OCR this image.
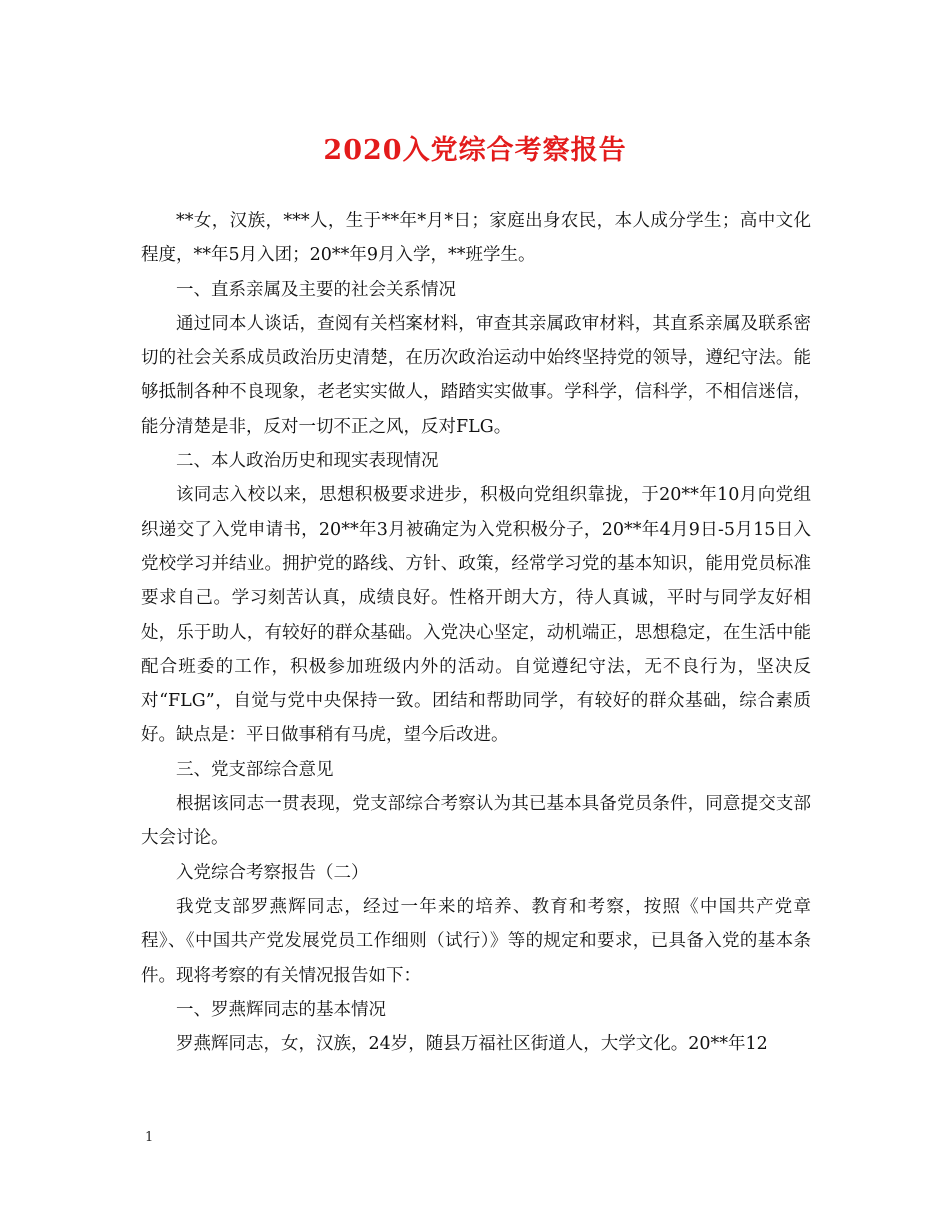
2020入党综合考察报告

**女，汉族，***人，生于**年*月*日；家庭出身农民，本人成分学生；高中文化程度，**年5月入团；20**年9月入学，**班学生。

一、直系亲属及主要的社会关系情况

通过同本人谈话，查阅有关档案材料，审查其亲属政审材料，其直系亲属及联系密切的社会关系成员政治历史清楚，在历次政治运动中始终坚持党的领导，遵纪守法。能够抵制各种不良现象，老老实实做人，踏踏实实做事。学科学，信科学，不相信迷信，能分清楚是非，反对一切不正之风，反对FLG。

二、本人政治历史和现实表现情况

该同志入校以来，思想积极要求进步，积极向党组织靠拢，于20**年10月向党组织递交了入党申请书，20**年3月被确定为入党积极分子，20**年4月9日-5月15日入党校学习并结业。拥护党的路线、方针、政策，经常学习党的基本知识，能用党员标准要求自己。学习刻苦认真，成绩良好。性格开朗大方，待人真诚，平时与同学友好相处，乐于助人，有较好的群众基础。入党决心坚定，动机端正，思想稳定，在生活中能配合班委的工作，积极参加班级内外的活动。自觉遵纪守法，无不良行为，坚决反对“FLG”，自觉与党中央保持一致。团结和帮助同学，有较好的群众基础，综合素质好。缺点是：平日做事稍有马虎，望今后改进。

三、党支部综合意见

根据该同志一贯表现，党支部综合考察认为其已基本具备党员条件，同意提交支部大会讨论。

入党综合考察报告（二）

我党支部罗燕辉同志，经过一年来的培养、教育和考察，按照《中国共产党章程》、《中国共产党发展党员工作细则（试行）》等的规定和要求，已具备入党的基本条件。现将考察的有关情况报告如下：

一、罗燕辉同志的基本情况

罗燕辉同志，女，汉族，24岁，随县万福社区街道人，大学文化。20**年12

1
